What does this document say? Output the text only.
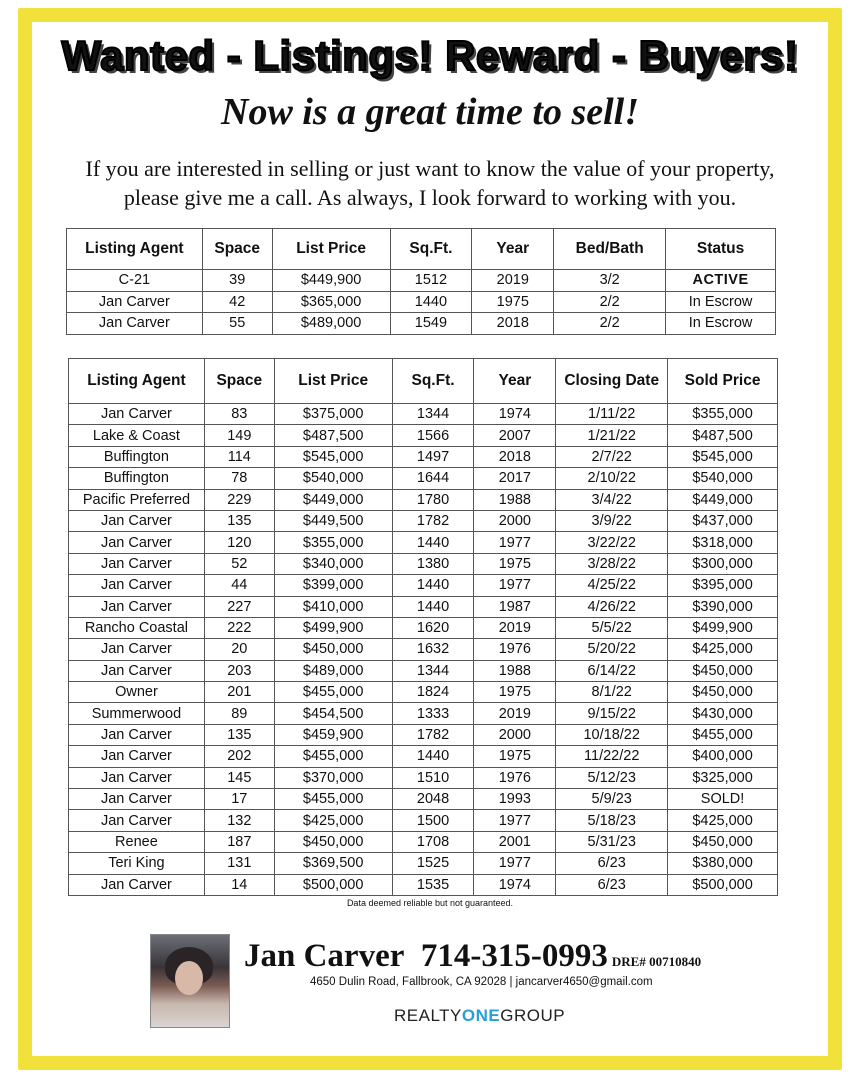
Wanted - Listings! Reward - Buyers!
Now is a great time to sell!
If you are interested in selling or just want to know the value of your property,
please give me a call. As always, I look forward to working with you.
Listing Agent	Space	List Price	Sq.Ft.	Year	Bed/Bath	Status
C-21	39	$449,900	1512	2019	3/2	ACTIVE
Jan Carver	42	$365,000	1440	1975	2/2	In Escrow
Jan Carver	55	$489,000	1549	2018	2/2	In Escrow
Listing Agent	Space	List Price	Sq.Ft.	Year	Closing Date	Sold Price
Jan Carver	83	$375,000	1344	1974	1/11/22	$355,000
Lake & Coast	149	$487,500	1566	2007	1/21/22	$487,500
Buffington	114	$545,000	1497	2018	2/7/22	$545,000
Buffington	78	$540,000	1644	2017	2/10/22	$540,000
Pacific Preferred	229	$449,000	1780	1988	3/4/22	$449,000
Jan Carver	135	$449,500	1782	2000	3/9/22	$437,000
Jan Carver	120	$355,000	1440	1977	3/22/22	$318,000
Jan Carver	52	$340,000	1380	1975	3/28/22	$300,000
Jan Carver	44	$399,000	1440	1977	4/25/22	$395,000
Jan Carver	227	$410,000	1440	1987	4/26/22	$390,000
Rancho Coastal	222	$499,900	1620	2019	5/5/22	$499,900
Jan Carver	20	$450,000	1632	1976	5/20/22	$425,000
Jan Carver	203	$489,000	1344	1988	6/14/22	$450,000
Owner	201	$455,000	1824	1975	8/1/22	$450,000
Summerwood	89	$454,500	1333	2019	9/15/22	$430,000
Jan Carver	135	$459,900	1782	2000	10/18/22	$455,000
Jan Carver	202	$455,000	1440	1975	11/22/22	$400,000
Jan Carver	145	$370,000	1510	1976	5/12/23	$325,000
Jan Carver	17	$455,000	2048	1993	5/9/23	SOLD!
Jan Carver	132	$425,000	1500	1977	5/18/23	$425,000
Renee	187	$450,000	1708	2001	5/31/23	$450,000
Teri King	131	$369,500	1525	1977	6/23	$380,000
Jan Carver	14	$500,000	1535	1974	6/23	$500,000
Data deemed reliable but not guaranteed.
Jan Carver 714-315-0993 DRE# 00710840
4650 Dulin Road, Fallbrook, CA 92028 | jancarver4650@gmail.com
REALTYONEGROUP
